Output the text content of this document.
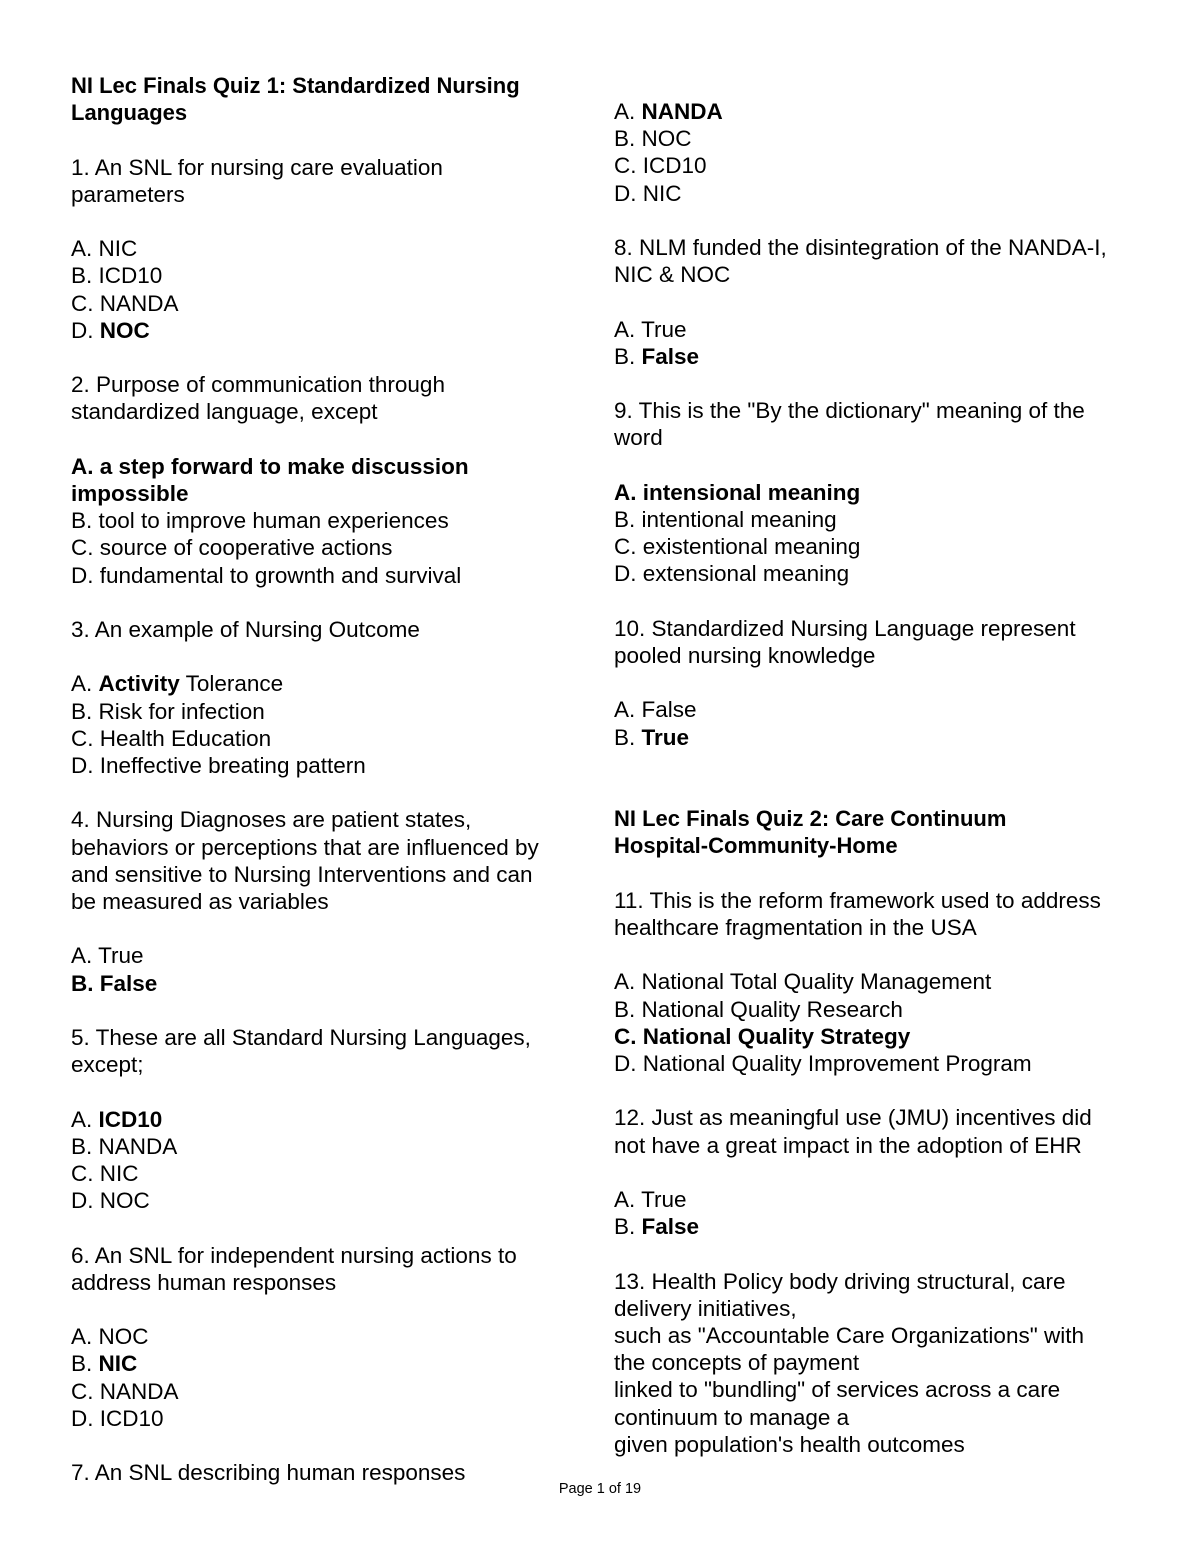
NI Lec Finals Quiz 1: Standardized Nursing
Languages
1. An SNL for nursing care evaluation
parameters
A. NIC
B. ICD10
C. NANDA
D. NOC
2. Purpose of communication through
standardized language, except
A. a step forward to make discussion
impossible
B. tool to improve human experiences
C. source of cooperative actions
D. fundamental to grownth and survival
3. An example of Nursing Outcome
A. Activity Tolerance
B. Risk for infection
C. Health Education
D. Ineffective breating pattern
4. Nursing Diagnoses are patient states,
behaviors or perceptions that are influenced by
and sensitive to Nursing Interventions and can
be measured as variables
A. True
B. False
5. These are all Standard Nursing Languages,
except;
A. ICD10
B. NANDA
C. NIC
D. NOC
6. An SNL for independent nursing actions to
address human responses
A. NOC
B. NIC
C. NANDA
D. ICD10
7. An SNL describing human responses
A. NANDA
B. NOC
C. ICD10
D. NIC
8. NLM funded the disintegration of the NANDA-I,
NIC & NOC
A. True
B. False
9. This is the "By the dictionary" meaning of the
word
A. intensional meaning
B. intentional meaning
C. existentional meaning
D. extensional meaning
10. Standardized Nursing Language represent
pooled nursing knowledge
A. False
B. True
NI Lec Finals Quiz 2: Care Continuum
Hospital-Community-Home
11. This is the reform framework used to address
healthcare fragmentation in the USA
A. National Total Quality Management
B. National Quality Research
C. National Quality Strategy
D. National Quality Improvement Program
12. Just as meaningful use (JMU) incentives did
not have a great impact in the adoption of EHR
A. True
B. False
13. Health Policy body driving structural, care
delivery initiatives,
such as "Accountable Care Organizations" with
the concepts of payment
linked to "bundling" of services across a care
continuum to manage a
given population's health outcomes
Page 1 of 19
